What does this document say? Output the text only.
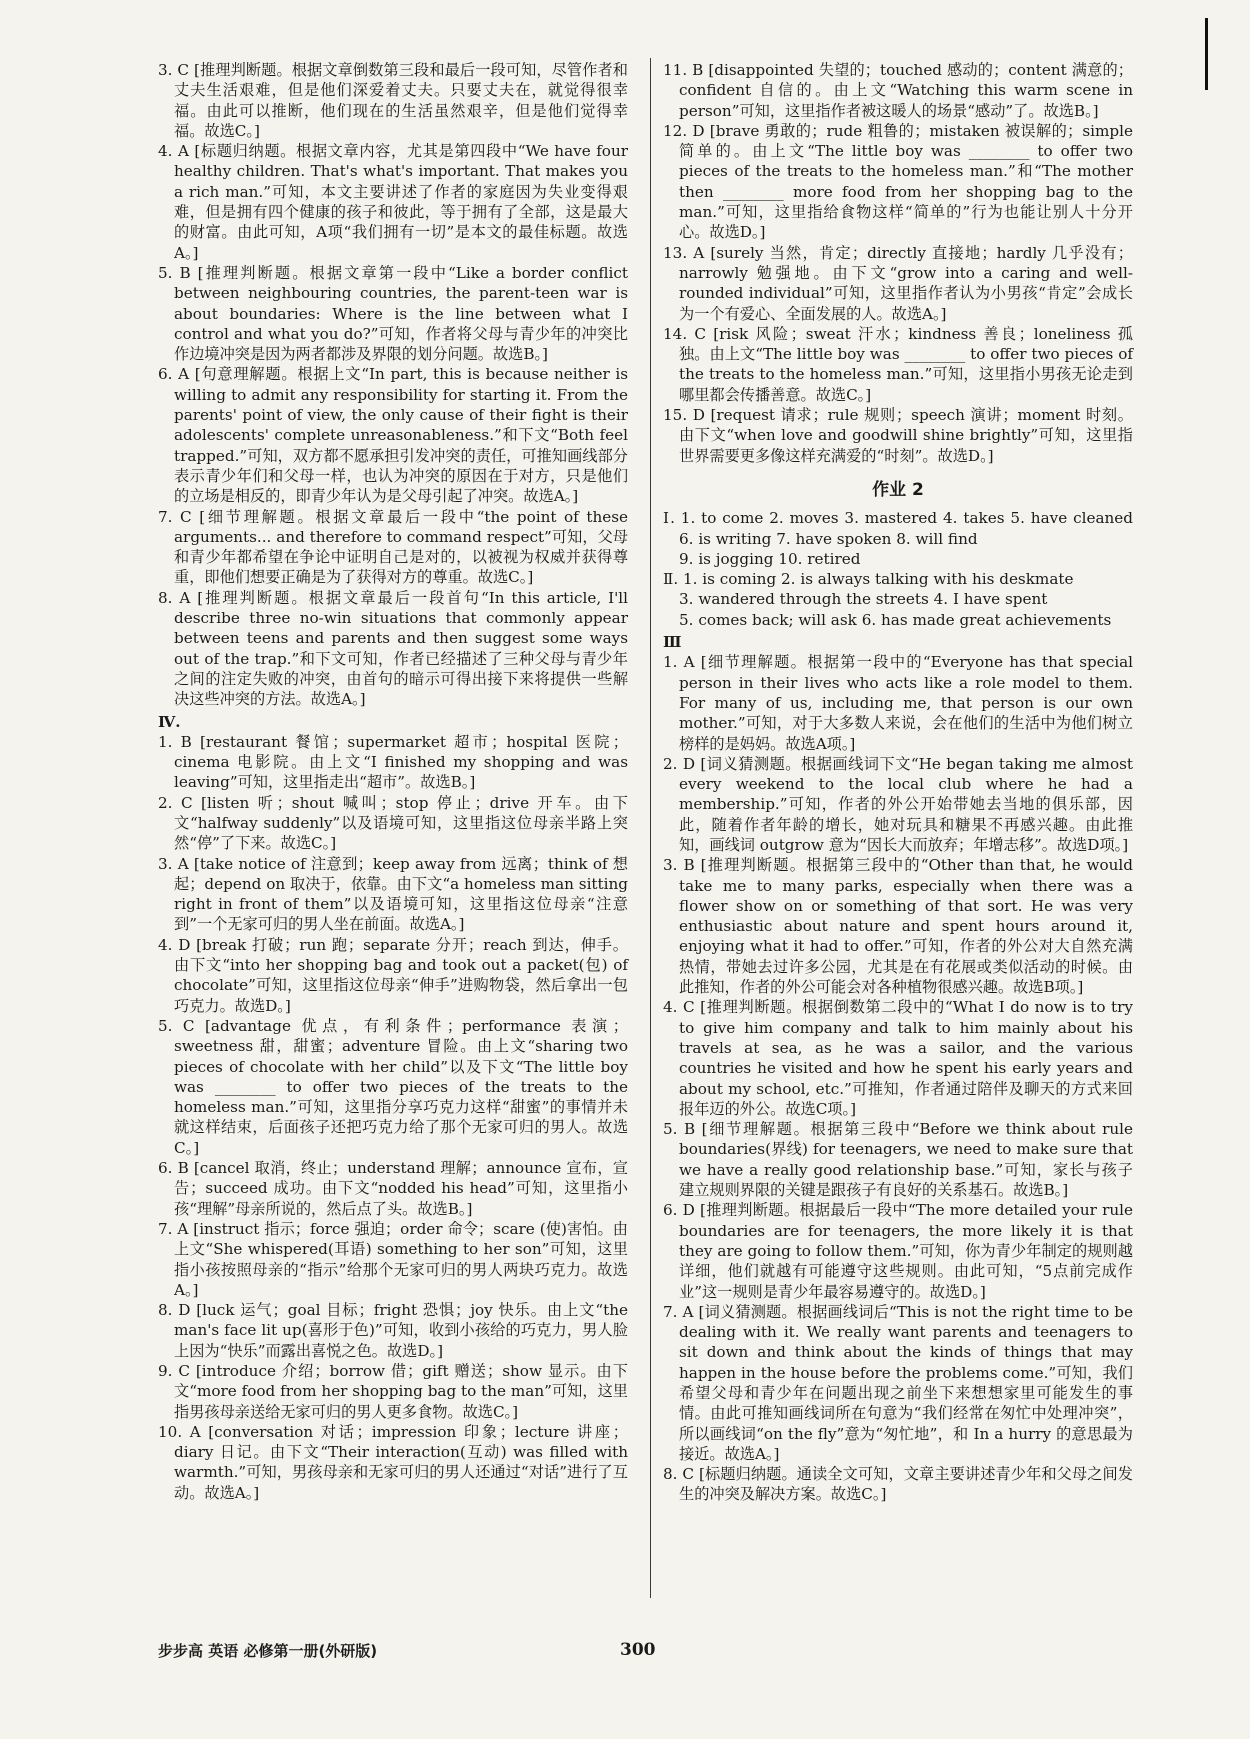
3. C [推理判断题。根据文章倒数第三段和最后一段可知，尽管作者和丈夫生活艰难，但是他们深爱着丈夫。只要丈夫在，就觉得很幸福。由此可以推断，他们现在的生活虽然艰辛，但是他们觉得幸福。故选C。]
4. A [标题归纳题。根据文章内容，尤其是第四段中“We have four healthy children. That's what's important. That makes you a rich man.”可知，本文主要讲述了作者的家庭因为失业变得艰难，但是拥有四个健康的孩子和彼此，等于拥有了全部，这是最大的财富。由此可知，A项“我们拥有一切”是本文的最佳标题。故选A。]
5. B [推理判断题。根据文章第一段中“Like a border conflict between neighbouring countries, the parent-teen war is about boundaries: Where is the line between what I control and what you do?”可知，作者将父母与青少年的冲突比作边境冲突是因为两者都涉及界限的划分问题。故选B。]
6. A [句意理解题。根据上文“In part, this is because neither is willing to admit any responsibility for starting it. From the parents' point of view, the only cause of their fight is their adolescents' complete unreasonableness.”和下文“Both feel trapped.”可知，双方都不愿承担引发冲突的责任，可推知画线部分表示青少年们和父母一样，也认为冲突的原因在于对方，只是他们的立场是相反的，即青少年认为是父母引起了冲突。故选A。]
7. C [细节理解题。根据文章最后一段中“the point of these arguments... and therefore to command respect”可知，父母和青少年都希望在争论中证明自己是对的，以被视为权威并获得尊重，即他们想要正确是为了获得对方的尊重。故选C。]
8. A [推理判断题。根据文章最后一段首句“In this article, I'll describe three no-win situations that commonly appear between teens and parents and then suggest some ways out of the trap.”和下文可知，作者已经描述了三种父母与青少年之间的注定失败的冲突，由首句的暗示可得出接下来将提供一些解决这些冲突的方法。故选A。]
Ⅳ.
1. B [restaurant 餐馆；supermarket 超市；hospital 医院；cinema 电影院。由上文“I finished my shopping and was leaving”可知，这里指走出“超市”。故选B。]
2. C [listen 听；shout 喊叫；stop 停止；drive 开车。由下文“halfway suddenly”以及语境可知，这里指这位母亲半路上突然“停”了下来。故选C。]
3. A [take notice of 注意到；keep away from 远离；think of 想起；depend on 取决于，依靠。由下文“a homeless man sitting right in front of them”以及语境可知，这里指这位母亲“注意到”一个无家可归的男人坐在前面。故选A。]
4. D [break 打破；run 跑；separate 分开；reach 到达，伸手。由下文“into her shopping bag and took out a packet(包) of chocolate”可知，这里指这位母亲“伸手”进购物袋，然后拿出一包巧克力。故选D。]
5. C [advantage 优点，有利条件；performance 表演；sweetness 甜，甜蜜；adventure 冒险。由上文“sharing two pieces of chocolate with her child”以及下文“The little boy was ________ to offer two pieces of the treats to the homeless man.”可知，这里指分享巧克力这样“甜蜜”的事情并未就这样结束，后面孩子还把巧克力给了那个无家可归的男人。故选C。]
6. B [cancel 取消，终止；understand 理解；announce 宣布，宣告；succeed 成功。由下文“nodded his head”可知，这里指小孩“理解”母亲所说的，然后点了头。故选B。]
7. A [instruct 指示；force 强迫；order 命令；scare (使)害怕。由上文“She whispered(耳语) something to her son”可知，这里指小孩按照母亲的“指示”给那个无家可归的男人两块巧克力。故选A。]
8. D [luck 运气；goal 目标；fright 恐惧；joy 快乐。由上文“the man's face lit up(喜形于色)”可知，收到小孩给的巧克力，男人脸上因为“快乐”而露出喜悦之色。故选D。]
9. C [introduce 介绍；borrow 借；gift 赠送；show 显示。由下文“more food from her shopping bag to the man”可知，这里指男孩母亲送给无家可归的男人更多食物。故选C。]
10. A [conversation 对话；impression 印象；lecture 讲座；diary 日记。由下文“Their interaction(互动) was filled with warmth.”可知，男孩母亲和无家可归的男人还通过“对话”进行了互动。故选A。]
11. B [disappointed 失望的；touched 感动的；content 满意的；confident 自信的。由上文“Watching this warm scene in person”可知，这里指作者被这暖人的场景“感动”了。故选B。]
12. D [brave 勇敢的；rude 粗鲁的；mistaken 被误解的；simple 简单的。由上文“The little boy was ________ to offer two pieces of the treats to the homeless man.”和“The mother then ________ more food from her shopping bag to the man.”可知，这里指给食物这样“简单的”行为也能让别人十分开心。故选D。]
13. A [surely 当然，肯定；directly 直接地；hardly 几乎没有；narrowly 勉强地。由下文“grow into a caring and well-rounded individual”可知，这里指作者认为小男孩“肯定”会成长为一个有爱心、全面发展的人。故选A。]
14. C [risk 风险；sweat 汗水；kindness 善良；loneliness 孤独。由上文“The little boy was ________ to offer two pieces of the treats to the homeless man.”可知，这里指小男孩无论走到哪里都会传播善意。故选C。]
15. D [request 请求；rule 规则；speech 演讲；moment 时刻。由下文“when love and goodwill shine brightly”可知，这里指世界需要更多像这样充满爱的“时刻”。故选D。]
作业 2
Ⅰ. 1. to come 2. moves 3. mastered 4. takes 5. have cleaned 6. is writing 7. have spoken 8. will find
9. is jogging 10. retired
Ⅱ. 1. is coming 2. is always talking with his deskmate
3. wandered through the streets 4. I have spent
5. comes back; will ask 6. has made great achievements
Ⅲ
1. A [细节理解题。根据第一段中的“Everyone has that special person in their lives who acts like a role model to them. For many of us, including me, that person is our own mother.”可知，对于大多数人来说，会在他们的生活中为他们树立榜样的是妈妈。故选A项。]
2. D [词义猜测题。根据画线词下文“He began taking me almost every weekend to the local club where he had a membership.”可知，作者的外公开始带她去当地的俱乐部，因此，随着作者年龄的增长，她对玩具和糖果不再感兴趣。由此推知，画线词 outgrow 意为“因长大而放弃；年增志移”。故选D项。]
3. B [推理判断题。根据第三段中的“Other than that, he would take me to many parks, especially when there was a flower show on or something of that sort. He was very enthusiastic about nature and spent hours around it, enjoying what it had to offer.”可知，作者的外公对大自然充满热情，带她去过许多公园，尤其是在有花展或类似活动的时候。由此推知，作者的外公可能会对各种植物很感兴趣。故选B项。]
4. C [推理判断题。根据倒数第二段中的“What I do now is to try to give him company and talk to him mainly about his travels at sea, as he was a sailor, and the various countries he visited and how he spent his early years and about my school, etc.”可推知，作者通过陪伴及聊天的方式来回报年迈的外公。故选C项。]
5. B [细节理解题。根据第三段中“Before we think about rule boundaries(界线) for teenagers, we need to make sure that we have a really good relationship base.”可知，家长与孩子建立规则界限的关键是跟孩子有良好的关系基石。故选B。]
6. D [推理判断题。根据最后一段中“The more detailed your rule boundaries are for teenagers, the more likely it is that they are going to follow them.”可知，你为青少年制定的规则越详细，他们就越有可能遵守这些规则。由此可知，“5点前完成作业”这一规则是青少年最容易遵守的。故选D。]
7. A [词义猜测题。根据画线词后“This is not the right time to be dealing with it. We really want parents and teenagers to sit down and think about the kinds of things that may happen in the house before the problems come.”可知，我们希望父母和青少年在问题出现之前坐下来想想家里可能发生的事情。由此可推知画线词所在句意为“我们经常在匆忙中处理冲突”，所以画线词“on the fly”意为“匆忙地”，和 In a hurry 的意思最为接近。故选A。]
8. C [标题归纳题。通读全文可知，文章主要讲述青少年和父母之间发生的冲突及解决方案。故选C。]
步步高 英语 必修第一册(外研版)	300
